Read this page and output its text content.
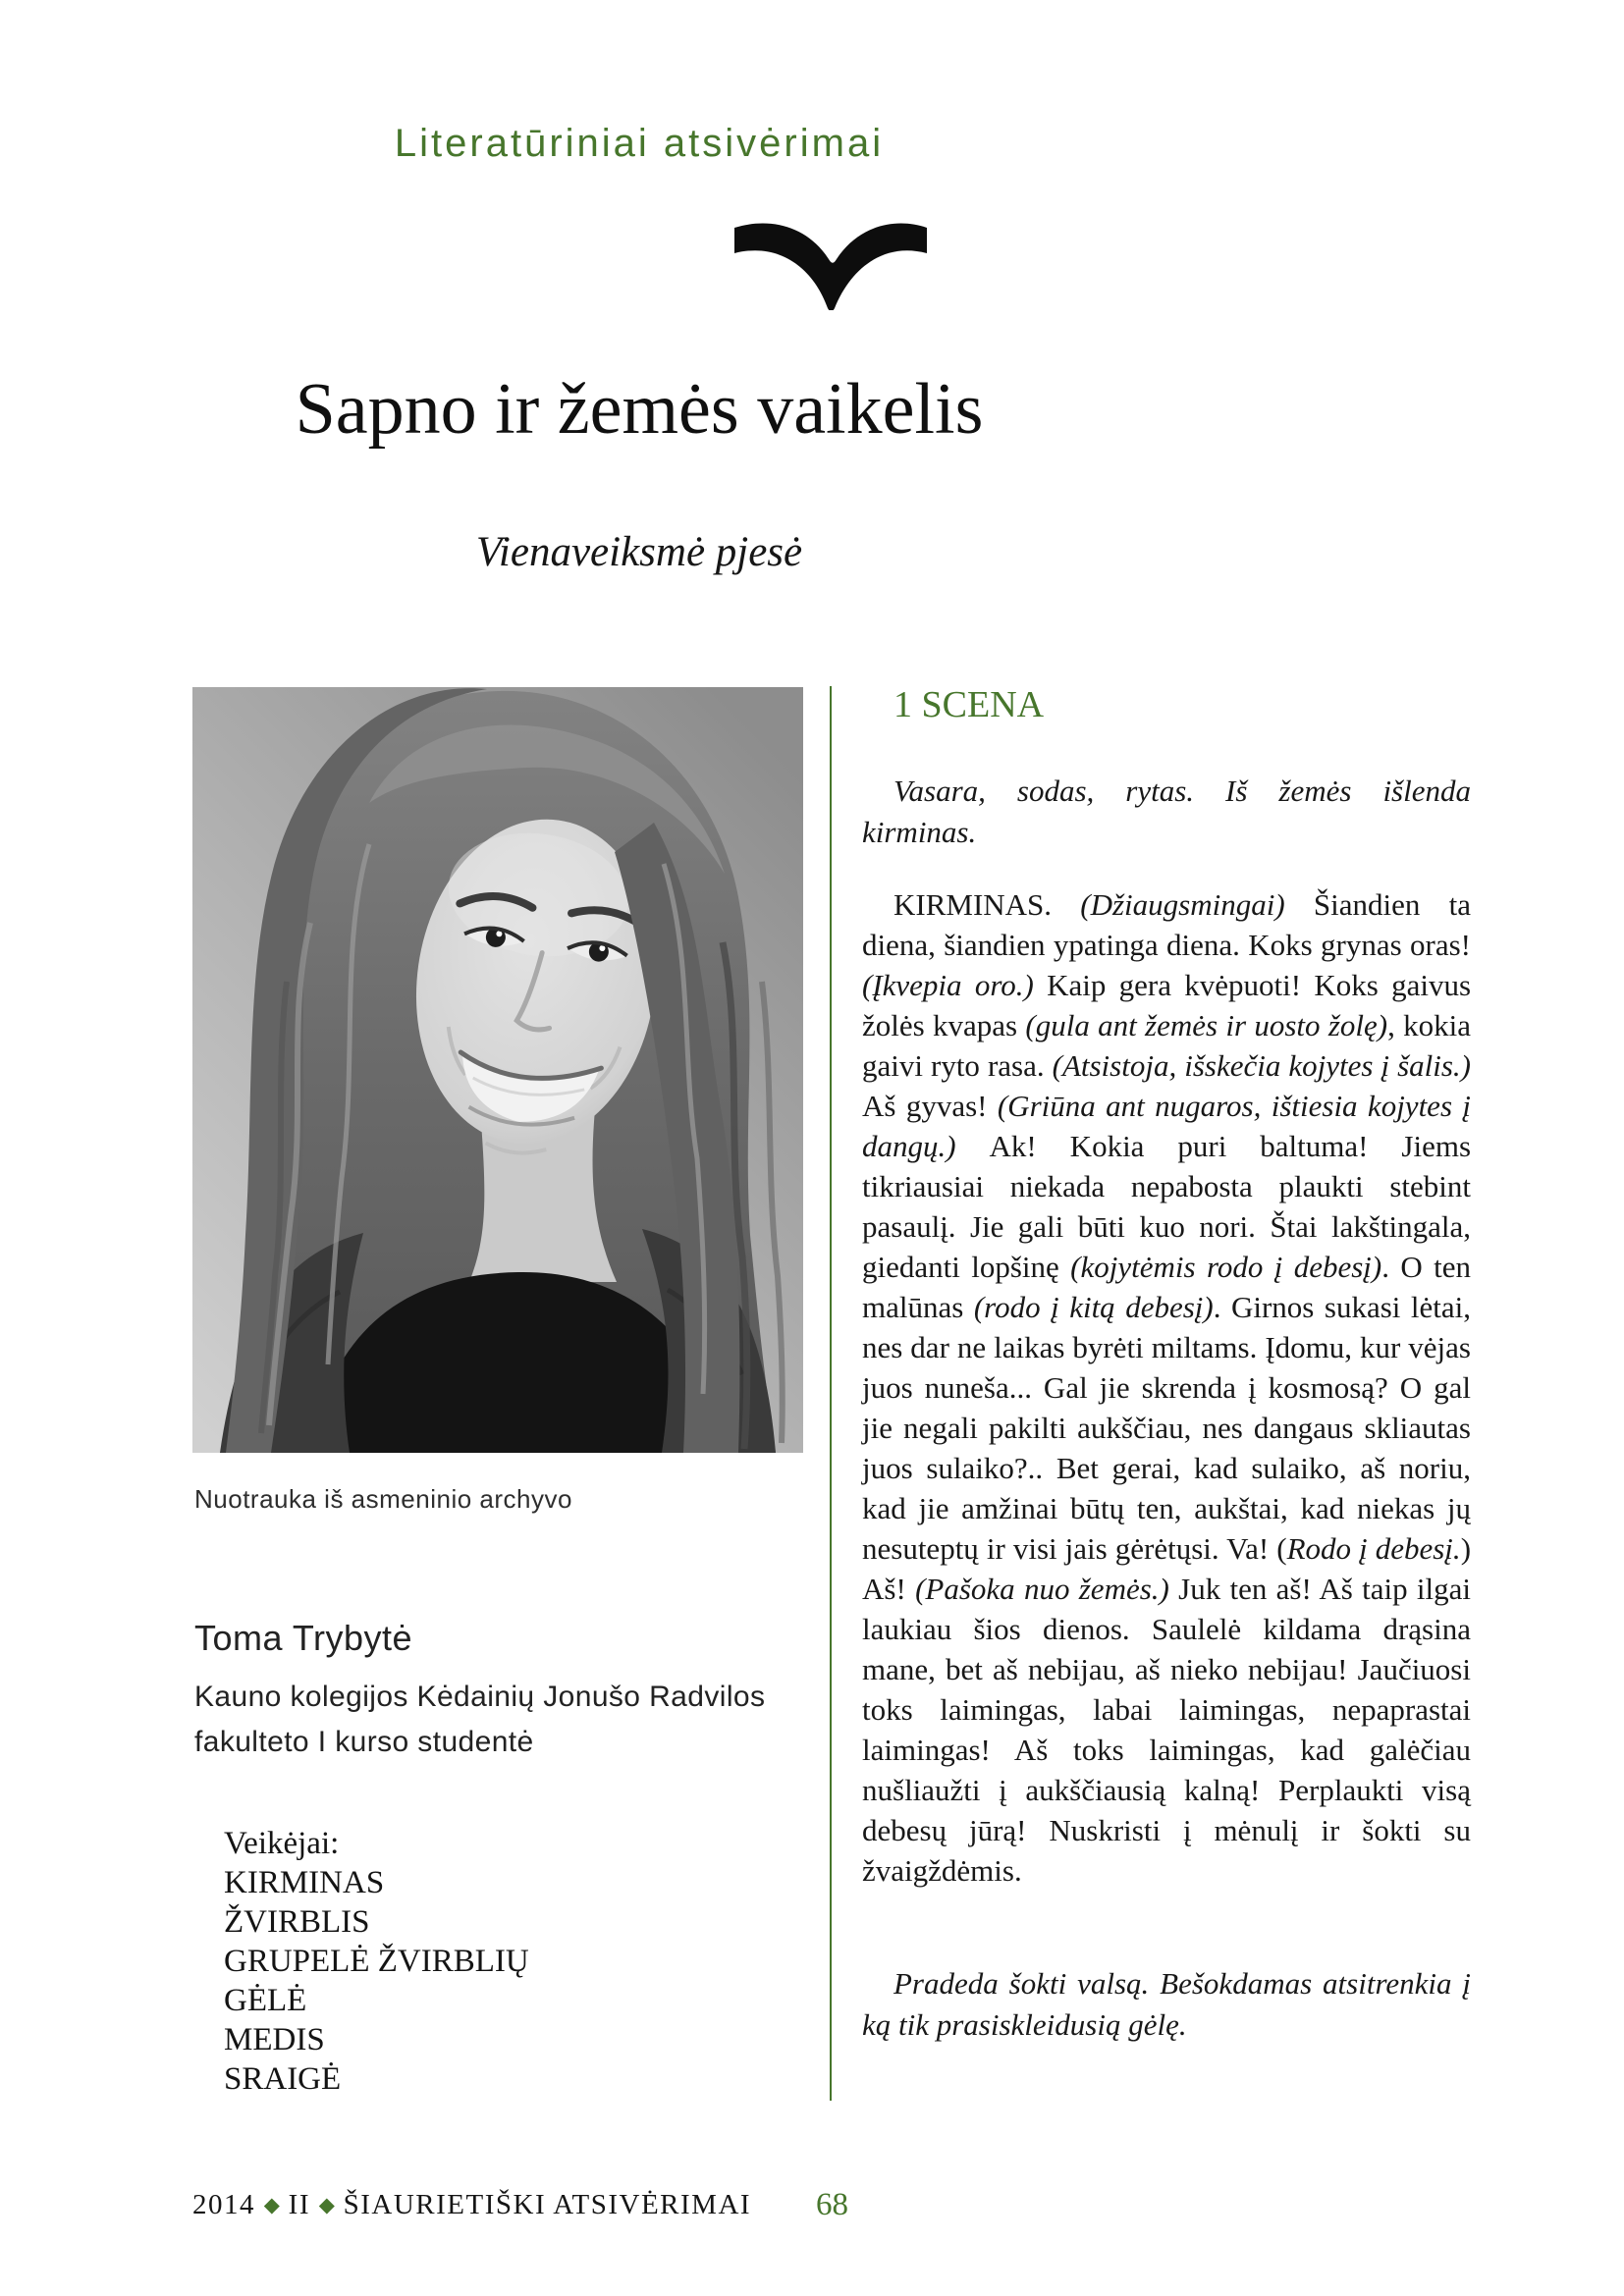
Literatūriniai atsivėrimai
Sapno ir žemės vaikelis
Vienaveiksmė pjesė
Nuotrauka iš asmeninio archyvo
Toma Trybytė
Kauno kolegijos Kėdainių Jonušo Radvilos fakulteto I kurso studentė
Veikėjai:
KIRMINAS
ŽVIRBLIS
GRUPELĖ ŽVIRBLIŲ
GĖLĖ
MEDIS
SRAIGĖ
1 SCENA

Vasara, sodas, rytas. Iš žemės išlenda kirminas.

KIRMINAS. (Džiaugsmingai) Šiandien ta diena, šiandien ypatinga diena. Koks grynas oras! (Įkvepia oro.) Kaip gera kvėpuoti! Koks gaivus žolės kvapas (gula ant žemės ir uosto žolę), kokia gaivi ryto rasa. (Atsistoja, išskečia kojytes į šalis.) Aš gyvas! (Griūna ant nugaros, ištiesia kojytes į dangų.) Ak! Kokia puri baltuma! Jiems tikriausiai niekada nepabosta plaukti stebint pasaulį. Jie gali būti kuo nori. Štai lakštingala, giedanti lopšinę (kojytėmis rodo į debesį). O ten malūnas (rodo į kitą debesį). Girnos sukasi lėtai, nes dar ne laikas byrėti miltams. Įdomu, kur vėjas juos nuneša... Gal jie skrenda į kosmosą? O gal jie negali pakilti aukščiau, nes dangaus skliautas juos sulaiko?.. Bet gerai, kad sulaiko, aš noriu, kad jie amžinai būtų ten, aukštai, kad niekas jų nesuteptų ir visi jais gėrėtųsi. Va! (Rodo į debesį.) Aš! (Pašoka nuo žemės.) Juk ten aš! Aš taip ilgai laukiau šios dienos. Saulelė kildama drąsina mane, bet aš nebijau, aš nieko nebijau! Jaučiuosi toks laimingas, labai laimingas, nepaprastai laimingas! Aš toks laimingas, kad galėčiau nušliaužti į aukščiausią kalną! Perplaukti visą debesų jūrą! Nuskristi į mėnulį ir šokti su žvaigždėmis.

Pradeda šokti valsą. Bešokdamas atsitrenkia į ką tik prasiskleidusią gėlę.

2014 ◆ II ◆ ŠIAURIETIŠKI ATSIVĖRIMAI 68
